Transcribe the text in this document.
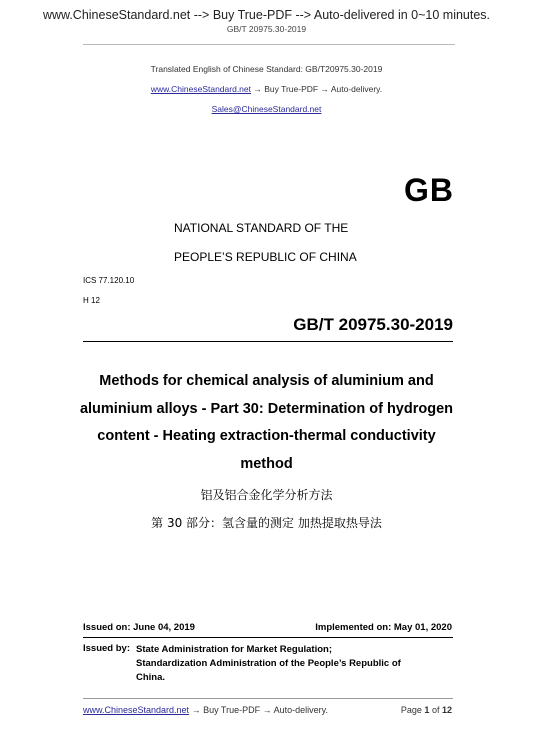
www.ChineseStandard.net --> Buy True-PDF --> Auto-delivered in 0~10 minutes.
GB/T 20975.30-2019
Translated English of Chinese Standard: GB/T20975.30-2019
www.ChineseStandard.net → Buy True-PDF → Auto-delivery.
Sales@ChineseStandard.net
GB
NATIONAL STANDARD OF THE
PEOPLE’S REPUBLIC OF CHINA
ICS 77.120.10
H 12
GB/T 20975.30-2019
Methods for chemical analysis of aluminium and
aluminium alloys - Part 30: Determination of hydrogen
content - Heating extraction-thermal conductivity
method
铝及铝合金化学分析方法
第 30 部分：氢含量的测定 加热提取热导法
Issued on: June 04, 2019	Implemented on: May 01, 2020
Issued by: State Administration for Market Regulation;
Standardization Administration of the People’s Republic of
China.
www.ChineseStandard.net → Buy True-PDF → Auto-delivery.	Page 1 of 12
